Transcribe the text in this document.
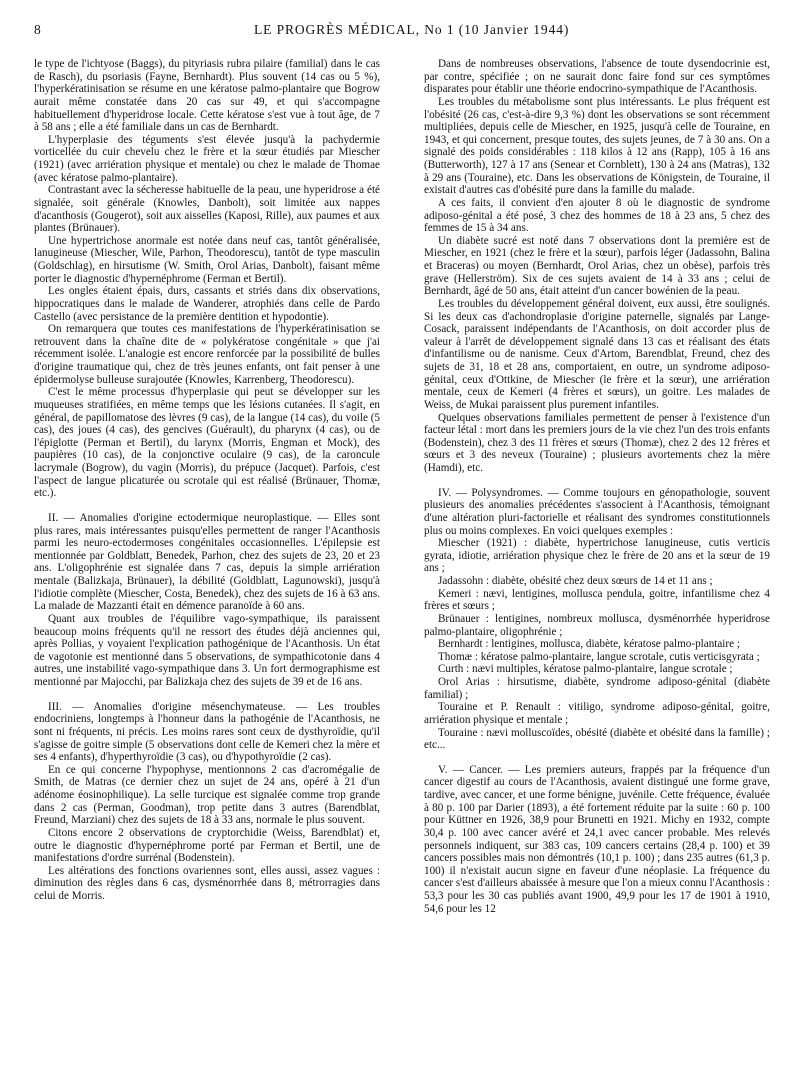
8	LE PROGRÈS MÉDICAL, No 1 (10 Janvier 1944)

le type de l'ichtyose (Baggs), du pityriasis rubra pilaire (familial) dans le cas de Rasch), du psoriasis (Fayne, Bernhardt). Plus souvent (14 cas ou 5 %), l'hyperkératinisation se résume en une kératose palmo-plantaire que Bogrow aurait même constatée dans 20 cas sur 49, et qui s'accompagne habituellement d'hyperidrose locale. Cette kératose s'est vue à tout âge, de 7 à 58 ans ; elle a été familiale dans un cas de Bernhardt.

L'hyperplasie des téguments s'est élevée jusqu'à la pachydermie vorticellée du cuir chevelu chez le frère et la sœur étudiés par Miescher (1921) (avec arriération physique et mentale) ou chez le malade de Thomae (avec kératose palmo-plantaire).

Contrastant avec la sécheresse habituelle de la peau, une hyperidrose a été signalée, soit générale (Knowles, Danbolt), soit limitée aux nappes d'acanthosis (Gougerot), soit aux aisselles (Kaposi, Rille), aux paumes et aux plantes (Brünauer).

Une hypertrichose anormale est notée dans neuf cas, tantôt généralisée, lanugineuse (Miescher, Wile, Parhon, Theodorescu), tantôt de type masculin (Goldschlag), en hirsutisme (W. Smith, Orol Arias, Danbolt), faisant même porter le diagnostic d'hypernéphrome (Ferman et Bertil).

Les ongles étaient épais, durs, cassants et striés dans dix observations, hippocratiques dans le malade de Wanderer, atrophiés dans celle de Pardo Castello (avec persistance de la première dentition et hypodontie).

On remarquera que toutes ces manifestations de l'hyperkératinisation se retrouvent dans la chaîne dite de « polykératose congénitale » que j'ai récemment isolée. L'analogie est encore renforcée par la possibilité de bulles d'origine traumatique qui, chez de très jeunes enfants, ont fait penser à une épidermolyse bulleuse surajoutée (Knowles, Karrenberg, Theodorescu).

C'est le même processus d'hyperplasie qui peut se développer sur les muqueuses stratifiées, en même temps que les lésions cutanées. Il s'agit, en général, de papillomatose des lèvres (9 cas), de la langue (14 cas), du voile (5 cas), des joues (4 cas), des gencives (Guérault), du pharynx (4 cas), ou de l'épiglotte (Perman et Bertil), du larynx (Morris, Engman et Mock), des paupières (10 cas), de la conjonctive oculaire (9 cas), de la caroncule lacrymale (Bogrow), du vagin (Morris), du prépuce (Jacquet). Parfois, c'est l'aspect de langue plicaturée ou scrotale qui est réalisé (Brünauer, Thomæ, etc.).

II. — Anomalies d'origine ectodermique neuroplastique. — Elles sont plus rares, mais intéressantes puisqu'elles permettent de ranger l'Acanthosis parmi les neuro-ectodermoses congénitales occasionnelles. L'épilepsie est mentionnée par Goldblatt, Benedek, Parhon, chez des sujets de 23, 20 et 23 ans. L'oligophrénie est signalée dans 7 cas, depuis la simple arriération mentale (Balizkaja, Brünauer), la débilité (Goldblatt, Lagunowski), jusqu'à l'idiotie complète (Miescher, Costa, Benedek), chez des sujets de 16 à 63 ans. La malade de Mazzanti était en démence paranoïde à 60 ans.

Quant aux troubles de l'équilibre vago-sympathique, ils paraissent beaucoup moins fréquents qu'il ne ressort des études déjà anciennes qui, après Pollias, y voyaient l'explication pathogénique de l'Acanthosis. Un état de vagotonie est mentionné dans 5 observations, de sympathicotonie dans 4 autres, une instabilité vago-sympathique dans 3. Un fort dermographisme est mentionné par Majocchi, par Balizkaja chez des sujets de 39 et de 16 ans.

III. — Anomalies d'origine mésenchymateuse. — Les troubles endocriniens, longtemps à l'honneur dans la pathogénie de l'Acanthosis, ne sont ni fréquents, ni précis. Les moins rares sont ceux de dysthyroïdie, qu'il s'agisse de goitre simple (5 observations dont celle de Kemeri chez la mère et ses 4 enfants), d'hyperthyroïdie (3 cas), ou d'hypothyroïdie (2 cas).

En ce qui concerne l'hypophyse, mentionnons 2 cas d'acromégalie de Smith, de Matras (ce dernier chez un sujet de 24 ans, opéré à 21 d'un adénome éosinophilique). La selle turcique est signalée comme trop grande dans 2 cas (Perman, Goodman), trop petite dans 3 autres (Barendblat, Freund, Marziani) chez des sujets de 18 à 33 ans, normale le plus souvent.

Citons encore 2 observations de cryptorchidie (Weiss, Barendblat) et, outre le diagnostic d'hypernéphrome porté par Ferman et Bertil, une de manifestations d'ordre surrénal (Bodenstein).

Les altérations des fonctions ovariennes sont, elles aussi, assez vagues : diminution des règles dans 6 cas, dysménorrhée dans 8, métrorragies dans celui de Morris.

Dans de nombreuses observations, l'absence de toute dysendocrinie est, par contre, spécifiée ; on ne saurait donc faire fond sur ces symptômes disparates pour établir une théorie endocrino-sympathique de l'Acanthosis.

Les troubles du métabolisme sont plus intéressants. Le plus fréquent est l'obésité (26 cas, c'est-à-dire 9,3 %) dont les observations se sont récemment multipliées, depuis celle de Miescher, en 1925, jusqu'à celle de Touraine, en 1943, et qui concernent, presque toutes, des sujets jeunes, de 7 à 30 ans. On a signalé des poids considérables : 118 kilos à 12 ans (Rapp), 105 à 16 ans (Butterworth), 127 à 17 ans (Senear et Cornblett), 130 à 24 ans (Matras), 132 à 29 ans (Touraine), etc. Dans les observations de Königstein, de Touraine, il existait d'autres cas d'obésité pure dans la famille du malade.

A ces faits, il convient d'en ajouter 8 où le diagnostic de syndrome adiposo-génital a été posé, 3 chez des hommes de 18 à 23 ans, 5 chez des femmes de 15 à 34 ans.

Un diabète sucré est noté dans 7 observations dont la première est de Miescher, en 1921 (chez le frère et la sœur), parfois léger (Jadassohn, Balina et Braceras) ou moyen (Bernhardt, Orol Arias, chez un obèse), parfois très grave (Hellerström). Six de ces sujets avaient de 14 à 33 ans ; celui de Bernhardt, âgé de 50 ans, était atteint d'un cancer bowénien de la peau.

Les troubles du développement général doivent, eux aussi, être soulignés. Si les deux cas d'achondroplasie d'origine paternelle, signalés par Lange-Cosack, paraissent indépendants de l'Acanthosis, on doit accorder plus de valeur à l'arrêt de développement signalé dans 13 cas et réalisant des états d'infantilisme ou de nanisme. Ceux d'Artom, Barendblat, Freund, chez des sujets de 31, 18 et 28 ans, comportaient, en outre, un syndrome adiposo-génital, ceux d'Ottkine, de Miescher (le frère et la sœur), une arriération mentale, ceux de Kemeri (4 frères et sœurs), un goitre. Les malades de Weiss, de Mukai paraissent plus purement infantiles.

Quelques observations familiales permettent de penser à l'existence d'un facteur létal : mort dans les premiers jours de la vie chez l'un des trois enfants (Bodenstein), chez 3 des 11 frères et sœurs (Thomæ), chez 2 des 12 frères et sœurs et 3 des neveux (Touraine) ; plusieurs avortements chez la mère (Hamdi), etc.

IV. — Polysyndromes. — Comme toujours en génopathologie, souvent plusieurs des anomalies précédentes s'associent à l'Acanthosis, témoignant d'une altération pluri-factorielle et réalisant des syndromes constitutionnels plus ou moins complexes. En voici quelques exemples :

Miescher (1921) : diabète, hypertrichose lanugineuse, cutis verticis gyrata, idiotie, arriération physique chez le frère de 20 ans et la sœur de 19 ans ;

Jadassohn : diabète, obésité chez deux sœurs de 14 et 11 ans ;

Kemeri : nævi, lentigines, mollusca pendula, goitre, infantilisme chez 4 frères et sœurs ;

Brünauer : lentigines, nombreux mollusca, dysménorrhée hyperidrose palmo-plantaire, oligophrénie ;

Bernhardt : lentigines, mollusca, diabète, kératose palmo-plantaire ;

Thomæ : kératose palmo-plantaire, langue scrotale, cutis verticisgyrata ;

Curth : nævi multiples, kératose palmo-plantaire, langue scrotale ;

Orol Arias : hirsutisme, diabète, syndrome adiposo-génital (diabète familial) ;

Touraine et P. Renault : vitiligo, syndrome adiposo-génital, goitre, arriération physique et mentale ;

Touraine : nævi molluscoïdes, obésité (diabète et obésité dans la famille) ; etc...

V. — Cancer. — Les premiers auteurs, frappés par la fréquence d'un cancer digestif au cours de l'Acanthosis, avaient distingué une forme grave, tardive, avec cancer, et une forme bénigne, juvénile. Cette fréquence, évaluée à 80 p. 100 par Darier (1893), a été fortement réduite par la suite : 60 p. 100 pour Küttner en 1926, 38,9 pour Brunetti en 1921. Michy en 1932, compte 30,4 p. 100 avec cancer avéré et 24,1 avec cancer probable. Mes relevés personnels indiquent, sur 383 cas, 109 cancers certains (28,4 p. 100) et 39 cancers possibles mais non démontrés (10,1 p. 100) ; dans 235 autres (61,3 p. 100) il n'existait aucun signe en faveur d'une néoplasie. La fréquence du cancer s'est d'ailleurs abaissée à mesure que l'on a mieux connu l'Acanthosis : 53,3 pour les 30 cas publiés avant 1900, 49,9 pour les 17 de 1901 à 1910, 54,6 pour les 12
